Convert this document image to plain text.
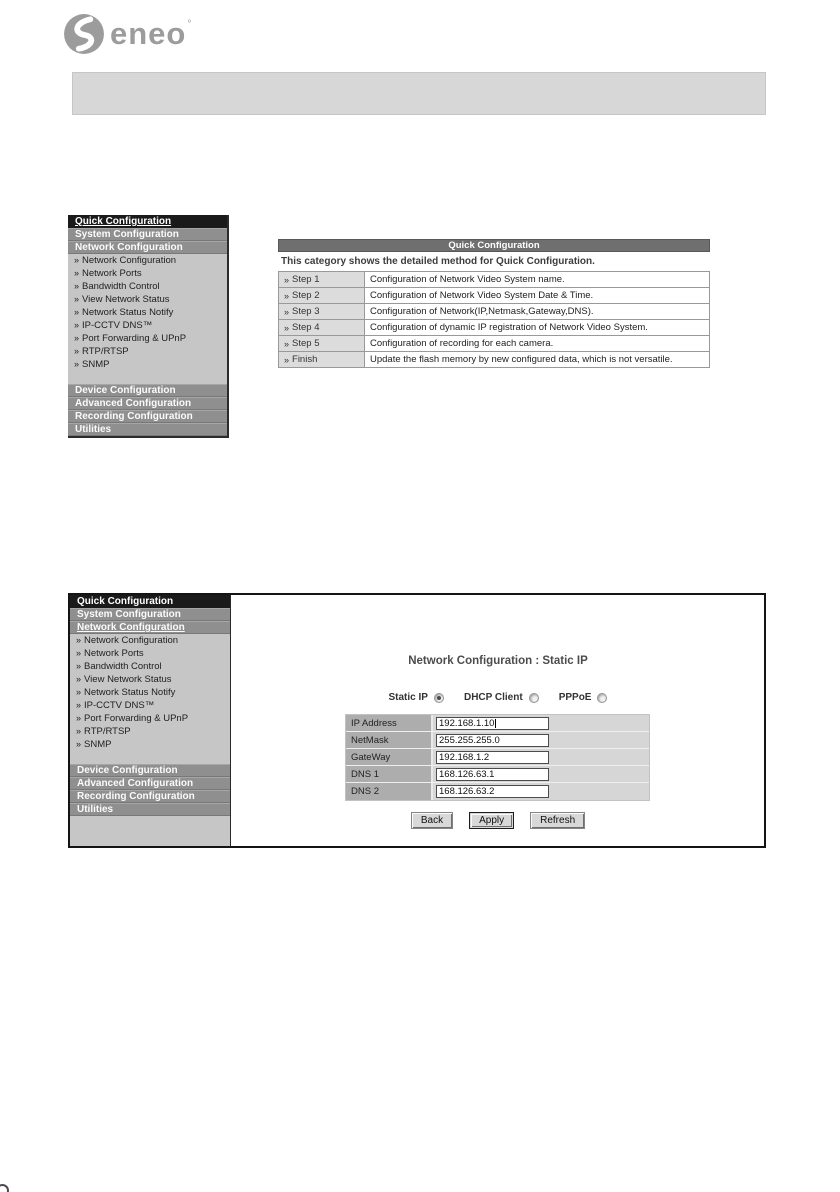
eneo °
Quick Configuration
System Configuration
Network Configuration
» Network Configuration
» Network Ports
» Bandwidth Control
» View Network Status
» Network Status Notify
» IP-CCTV DNS™
» Port Forwarding & UPnP
» RTP/RTSP
» SNMP
Device Configuration
Advanced Configuration
Recording Configuration
Utilities
Quick Configuration
This category shows the detailed method for Quick Configuration.
» Step 1	Configuration of Network Video System name.
» Step 2	Configuration of Network Video System Date & Time.
» Step 3	Configuration of Network(IP,Netmask,Gateway,DNS).
» Step 4	Configuration of dynamic IP registration of Network Video System.
» Step 5	Configuration of recording for each camera.
» Finish	Update the flash memory by new configured data, which is not versatile.
Quick Configuration
System Configuration
Network Configuration
» Network Configuration
» Network Ports
» Bandwidth Control
» View Network Status
» Network Status Notify
» IP-CCTV DNS™
» Port Forwarding & UPnP
» RTP/RTSP
» SNMP
Device Configuration
Advanced Configuration
Recording Configuration
Utilities
Network Configuration : Static IP
Static IP	DHCP Client	PPPoE
IP Address	192.168.1.10
NetMask	255.255.255.0
GateWay	192.168.1.2
DNS 1	168.126.63.1
DNS 2	168.126.63.2
Back	Apply	Refresh
